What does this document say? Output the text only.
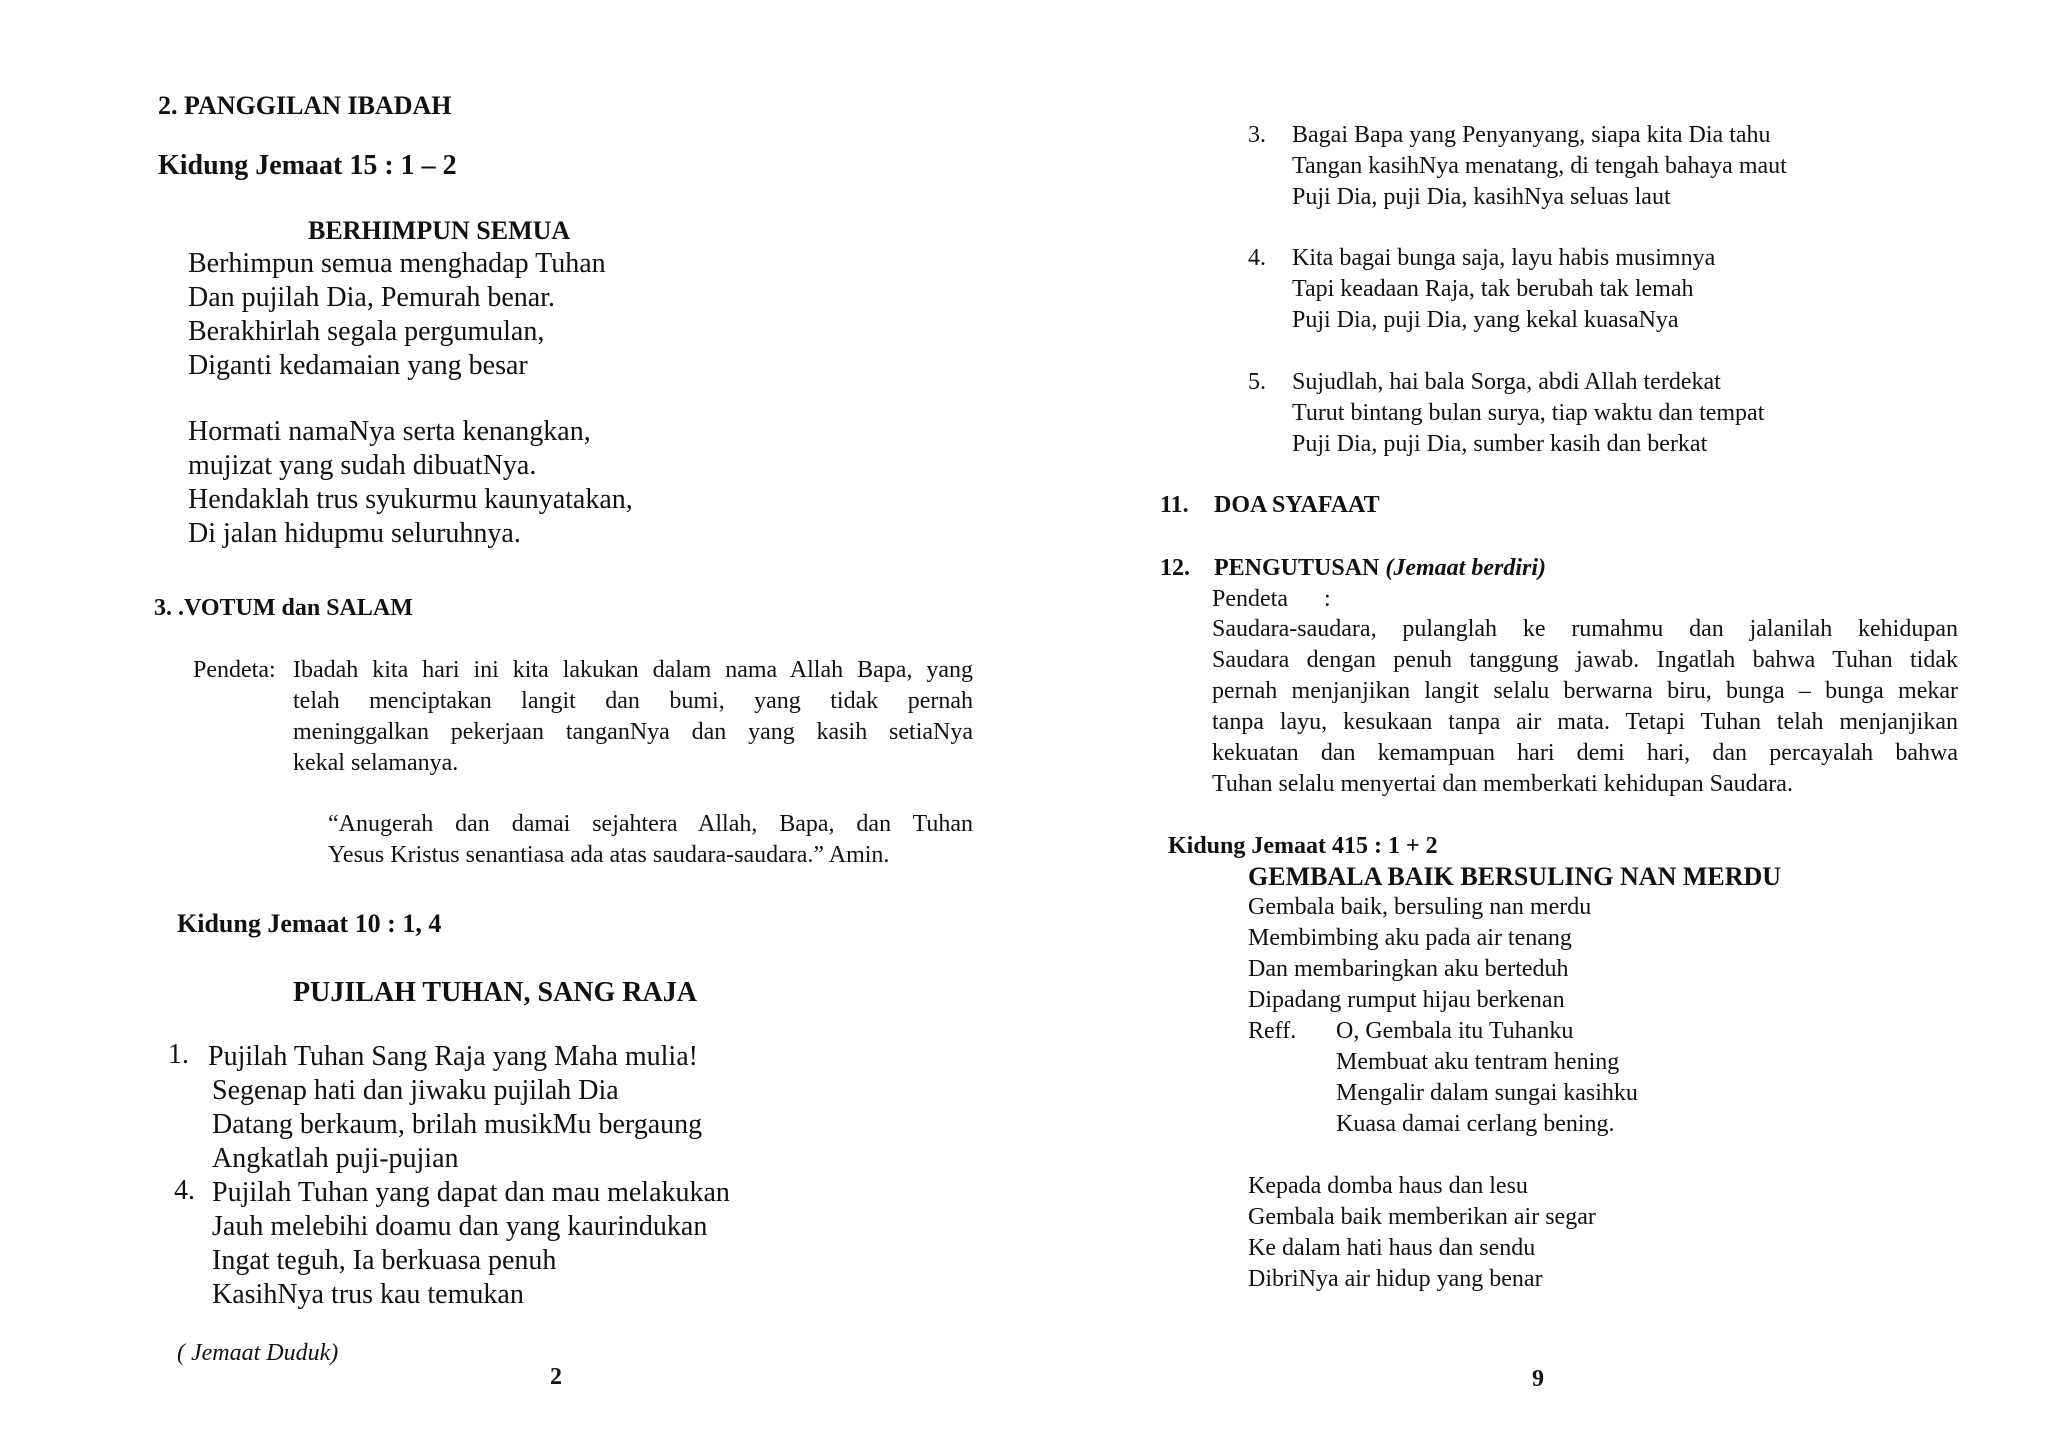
2. PANGGILAN IBADAH
Kidung Jemaat 15 : 1 – 2
BERHIMPUN SEMUA
Berhimpun semua menghadap Tuhan
Dan pujilah Dia, Pemurah benar.
Berakhirlah segala pergumulan,
Diganti kedamaian yang besar
Hormati namaNya serta kenangkan,
mujizat yang sudah dibuatNya.
Hendaklah trus syukurmu kaunyatakan,
Di jalan hidupmu seluruhnya.
3. .VOTUM dan SALAM
Pendeta: Ibadah kita hari ini kita lakukan dalam nama Allah Bapa, yang
telah menciptakan langit dan bumi, yang tidak pernah
meninggalkan pekerjaan tanganNya dan yang kasih setiaNya
kekal selamanya.
“Anugerah dan damai sejahtera Allah, Bapa, dan Tuhan
Yesus Kristus senantiasa ada atas saudara-saudara.” Amin.
Kidung Jemaat 10 : 1, 4
PUJILAH TUHAN, SANG RAJA
1. Pujilah Tuhan Sang Raja yang Maha mulia!
Segenap hati dan jiwaku pujilah Dia
Datang berkaum, brilah musikMu bergaung
Angkatlah puji-pujian
4. Pujilah Tuhan yang dapat dan mau melakukan
Jauh melebihi doamu dan yang kaurindukan
Ingat teguh, Ia berkuasa penuh
KasihNya trus kau temukan
( Jemaat Duduk)
2
3. Bagai Bapa yang Penyanyang, siapa kita Dia tahu
Tangan kasihNya menatang, di tengah bahaya maut
Puji Dia, puji Dia, kasihNya seluas laut
4. Kita bagai bunga saja, layu habis musimnya
Tapi keadaan Raja, tak berubah tak lemah
Puji Dia, puji Dia, yang kekal kuasaNya
5. Sujudlah, hai bala Sorga, abdi Allah terdekat
Turut bintang bulan surya, tiap waktu dan tempat
Puji Dia, puji Dia, sumber kasih dan berkat
11. DOA SYAFAAT
12. PENGUTUSAN (Jemaat berdiri)
Pendeta :
Saudara-saudara, pulanglah ke rumahmu dan jalanilah kehidupan
Saudara dengan penuh tanggung jawab. Ingatlah bahwa Tuhan tidak
pernah menjanjikan langit selalu berwarna biru, bunga – bunga mekar
tanpa layu, kesukaan tanpa air mata. Tetapi Tuhan telah menjanjikan
kekuatan dan kemampuan hari demi hari, dan percayalah bahwa
Tuhan selalu menyertai dan memberkati kehidupan Saudara.
Kidung Jemaat 415 : 1 + 2
GEMBALA BAIK BERSULING NAN MERDU
Gembala baik, bersuling nan merdu
Membimbing aku pada air tenang
Dan membaringkan aku berteduh
Dipadang rumput hijau berkenan
Reff. O, Gembala itu Tuhanku
Membuat aku tentram hening
Mengalir dalam sungai kasihku
Kuasa damai cerlang bening.
Kepada domba haus dan lesu
Gembala baik memberikan air segar
Ke dalam hati haus dan sendu
DibriNya air hidup yang benar
9
